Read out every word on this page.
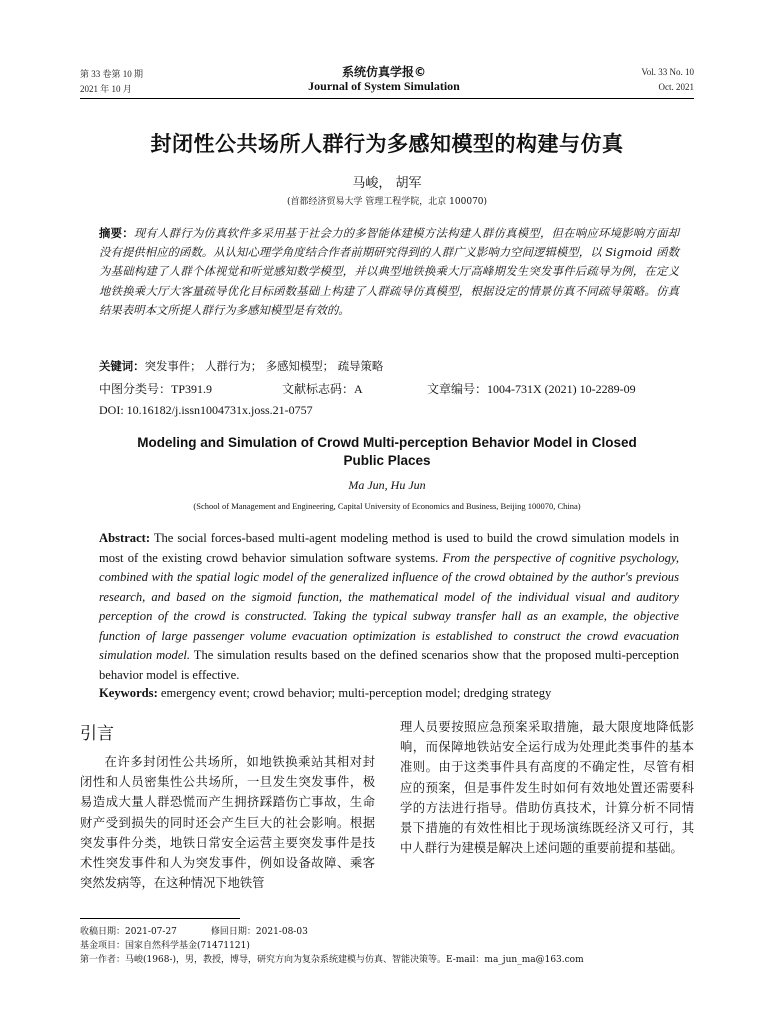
第 33 卷第 10 期
2021 年 10 月
系统仿真学报©
Journal of System Simulation
Vol. 33 No. 10
Oct. 2021
封闭性公共场所人群行为多感知模型的构建与仿真
马峻， 胡军
(首都经济贸易大学 管理工程学院，北京 100070)
摘要：现有人群行为仿真软件多采用基于社会力的多智能体建模方法构建人群仿真模型，但在响应环境影响方面却没有提供相应的函数。从认知心理学角度结合作者前期研究得到的人群广义影响力空间逻辑模型，以 Sigmoid 函数为基础构建了人群个体视觉和听觉感知数学模型，并以典型地铁换乘大厅高峰期发生突发事件后疏导为例，在定义地铁换乘大厅大客量疏导优化目标函数基础上构建了人群疏导仿真模型，根据设定的情景仿真不同疏导策略。仿真结果表明本文所提人群行为多感知模型是有效的。
关键词：突发事件； 人群行为； 多感知模型； 疏导策略
中图分类号：TP391.9	文献标志码：A	文章编号：1004-731X (2021) 10-2289-09
DOI: 10.16182/j.issn1004731x.joss.21-0757
Modeling and Simulation of Crowd Multi-perception Behavior Model in Closed Public Places
Ma Jun, Hu Jun
(School of Management and Engineering, Capital University of Economics and Business, Beijing 100070, China)
Abstract: The social forces-based multi-agent modeling method is used to build the crowd simulation models in most of the existing crowd behavior simulation software systems. From the perspective of cognitive psychology, combined with the spatial logic model of the generalized influence of the crowd obtained by the author's previous research, and based on the sigmoid function, the mathematical model of the individual visual and auditory perception of the crowd is constructed. Taking the typical subway transfer hall as an example, the objective function of large passenger volume evacuation optimization is established to construct the crowd evacuation simulation model. The simulation results based on the defined scenarios show that the proposed multi-perception behavior model is effective.
Keywords: emergency event; crowd behavior; multi-perception model; dredging strategy
引言
在许多封闭性公共场所，如地铁换乘站其相对封闭性和人员密集性公共场所，一旦发生突发事件，极易造成大量人群恐慌而产生拥挤踩踏伤亡事故，生命财产受到损失的同时还会产生巨大的社会影响。根据突发事件分类，地铁日常安全运营主要突发事件是技术性突发事件和人为突发事件，例如设备故障、乘客突然发病等，在这种情况下地铁管
理人员要按照应急预案采取措施，最大限度地降低影响，而保障地铁站安全运行成为处理此类事件的基本准则。由于这类事件具有高度的不确定性，尽管有相应的预案，但是事件发生时如何有效地处置还需要科学的方法进行指导。借助仿真技术，计算分析不同情景下措施的有效性相比于现场演练既经济又可行，其中人群行为建模是解决上述问题的重要前提和基础。
收稿日期：2021-07-27	修回日期：2021-08-03
基金项目：国家自然科学基金(71471121)
第一作者：马峻(1968-)，男，教授，博导，研究方向为复杂系统建模与仿真、智能决策等。E-mail：ma_jun_ma@163.com
